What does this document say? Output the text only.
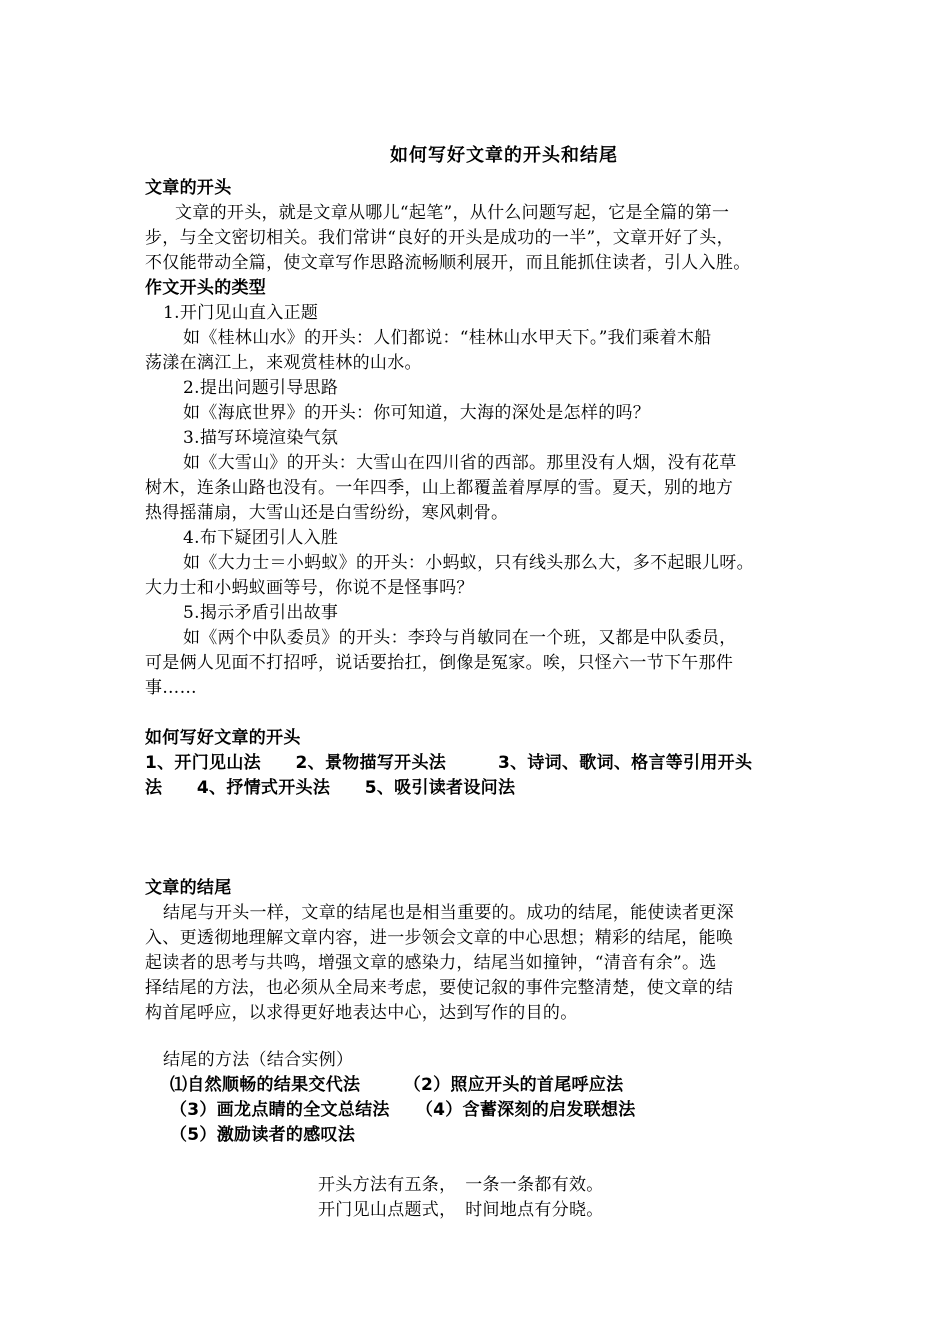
如何写好文章的开头和结尾
文章的开头
文章的开头，就是文章从哪儿“起笔”，从什么问题写起，它是全篇的第一
步，与全文密切相关。我们常讲“良好的开头是成功的一半”，文章开好了头，
不仅能带动全篇，使文章写作思路流畅顺利展开，而且能抓住读者，引人入胜。
作文开头的类型
1.开门见山直入正题
如《桂林山水》的开头：人们都说：“桂林山水甲天下。”我们乘着木船
荡漾在漓江上，来观赏桂林的山水。
2.提出问题引导思路
如《海底世界》的开头：你可知道，大海的深处是怎样的吗？
3.描写环境渲染气氛
如《大雪山》的开头：大雪山在四川省的西部。那里没有人烟，没有花草
树木，连条山路也没有。一年四季，山上都覆盖着厚厚的雪。夏天，别的地方
热得摇蒲扇，大雪山还是白雪纷纷，寒风刺骨。
4.布下疑团引人入胜
如《大力士＝小蚂蚁》的开头：小蚂蚁，只有线头那么大，多不起眼儿呀。
大力士和小蚂蚁画等号，你说不是怪事吗？
5.揭示矛盾引出故事
如《两个中队委员》的开头：李玲与肖敏同在一个班，又都是中队委员，
可是俩人见面不打招呼，说话要抬扛，倒像是冤家。唉，只怪六一节下午那件
事……
如何写好文章的开头
1、开门见山法　　2、景物描写开头法　　　3、诗词、歌词、格言等引用开头
法　　4、抒情式开头法　　5、吸引读者设问法
文章的结尾
结尾与开头一样，文章的结尾也是相当重要的。成功的结尾，能使读者更深
入、更透彻地理解文章内容，进一步领会文章的中心思想；精彩的结尾，能唤
起读者的思考与共鸣，增强文章的感染力，结尾当如撞钟，“清音有余”。选
择结尾的方法，也必须从全局来考虑，要使记叙的事件完整清楚，使文章的结
构首尾呼应，以求得更好地表达中心，达到写作的目的。
结尾的方法（结合实例）
⑴自然顺畅的结果交代法　　　（2）照应开头的首尾呼应法
（3）画龙点睛的全文总结法　　（4）含蓄深刻的启发联想法
（5）激励读者的感叹法
开头方法有五条，　一条一条都有效。
开门见山点题式，　时间地点有分晓。
